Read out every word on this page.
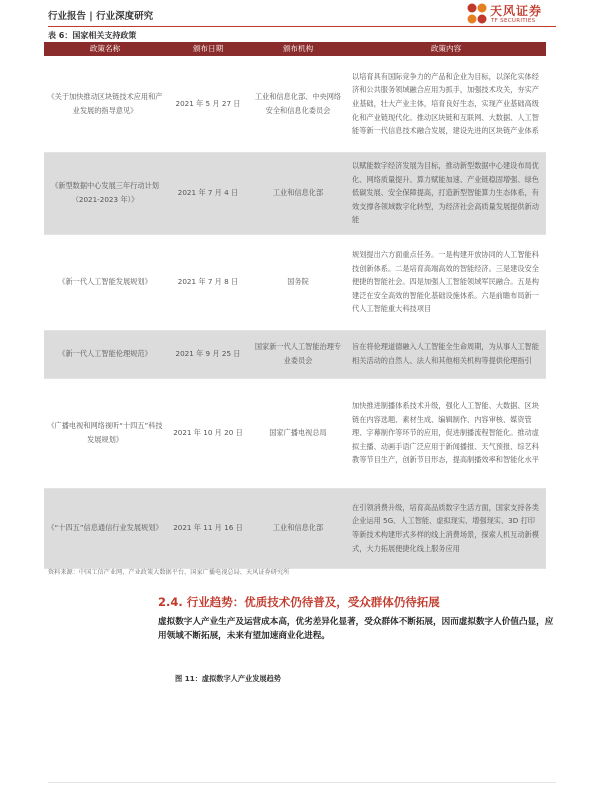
行业报告 | 行业深度研究	天风证券
TF SECURITIES
表 6：国家相关支持政策
政策名称	颁布日期	颁布机构	政策内容
《关于加快推动区块链技术应用和产业发展的指导意见》	2021 年 5 月 27 日	工业和信息化部、中央网络安全和信息化委员会	以培育具有国际竞争力的产品和企业为目标，以深化实体经济和公共服务领域融合应用为抓手，加强技术攻关，夯实产业基础，壮大产业主体，培育良好生态，实现产业基础高级化和产业链现代化。推动区块链和互联网、大数据、人工智能等新一代信息技术融合发展，建设先进的区块链产业体系
《新型数据中心发展三年行动计划（2021-2023 年）》	2021 年 7 月 4 日	工业和信息化部	以赋能数字经济发展为目标，推动新型数据中心建设布局优化、网络质量提升、算力赋能加速、产业链稳固增强、绿色低碳发展、安全保障提高，打造新型智能算力生态体系，有效支撑各领域数字化转型，为经济社会高质量发展提供新动能
《新一代人工智能发展规划》	2021 年 7 月 8 日	国务院	规划提出六方面重点任务。一是构建开放协同的人工智能科技创新体系。二是培育高端高效的智能经济。三是建设安全便捷的智能社会。四是加强人工智能领域军民融合。五是构建泛在安全高效的智能化基础设施体系。六是前瞻布局新一代人工智能重大科技项目
《新一代人工智能伦理规范》	2021 年 9 月 25 日	国家新一代人工智能治理专业委员会	旨在将伦理道德融入人工智能全生命周期，为从事人工智能相关活动的自然人、法人和其他相关机构等提供伦理指引
《广播电视和网络视听“十四五”科技发展规划》	2021 年 10 月 20 日	国家广播电视总局	加快推进制播体系技术升级，强化人工智能、大数据、区块链在内容选题、素材生成、编辑制作、内容审核、媒资管理、字幕制作等环节的应用，促进制播流程智能化。推动虚拟主播、动画手语广泛应用于新闻播报、天气预报、综艺科教等节目生产，创新节目形态，提高制播效率和智能化水平
《“十四五”信息通信行业发展规划》	2021 年 11 月 16 日	工业和信息化部	在引领消费升级，培育高品质数字生活方面，国家支持各类企业运用 5G、人工智能、虚拟现实、增强现实、3D 打印等新技术构建形式多样的线上消费场景，探索人机互动新模式，大力拓展便捷化线上服务应用
资料来源：中国工信产业网、产业政策大数据平台、国家广播电视总局、天风证券研究所
2.4. 行业趋势：优质技术仍待普及，受众群体仍待拓展
虚拟数字人产业生产及运营成本高，优劣差异化显著，受众群体不断拓展，因而虚拟数字人价值凸显，应用领域不断拓展，未来有望加速商业化进程。
图 11：虚拟数字人产业发展趋势
